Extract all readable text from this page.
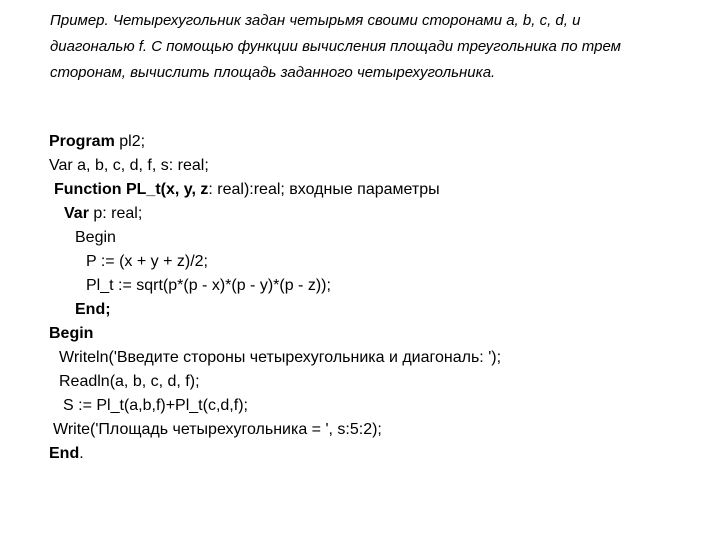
Пример. Четырехугольник задан четырьмя своими сторонами a, b, c, d, и
диагональю f. С помощью функции вычисления площади треугольника по трем
сторонам, вычислить площадь заданного четырехугольника.
Program pl2;
Var a, b, c, d, f, s: real;
Function PL_t(x, y, z: real):real; входные параметры
Var p: real;
Begin
P := (x + y + z)/2;
Pl_t := sqrt(p*(p - x)*(p - y)*(p - z));
End;
Begin
Writeln('Введите стороны четырехугольника и диагональ: ');
Readln(a, b, c, d, f);
S := Pl_t(a,b,f)+Pl_t(c,d,f);
Write('Площадь четырехугольника = ', s:5:2);
End.
